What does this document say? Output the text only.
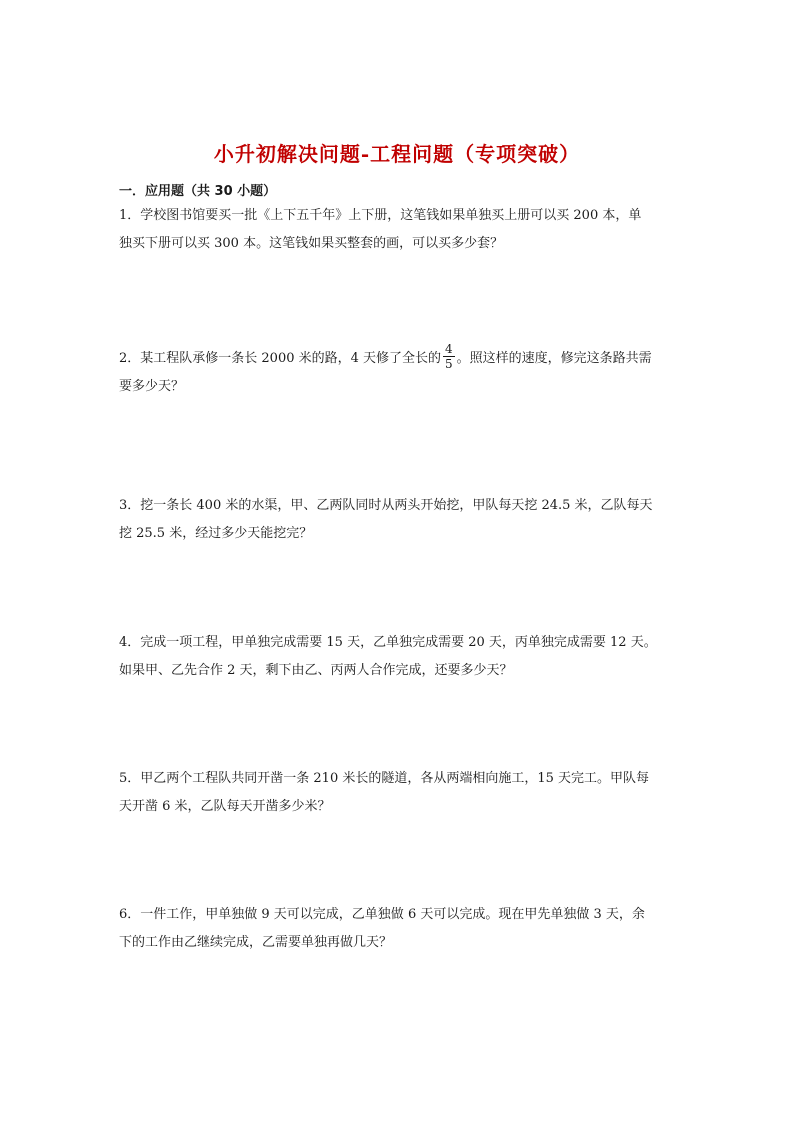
小升初解决问题-工程问题（专项突破）
一．应用题（共 30 小题）
1．学校图书馆要买一批《上下五千年》上下册，这笔钱如果单独买上册可以买 200 本，单
独买下册可以买 300 本。这笔钱如果买整套的画，可以买多少套？
2．某工程队承修一条长 2000 米的路，4 天修了全长的 $\frac{4}{5}$ 。照这样的速度，修完这条路共需
要多少天？
3．挖一条长 400 米的水渠，甲、乙两队同时从两头开始挖，甲队每天挖 24.5 米，乙队每天
挖 25.5 米，经过多少天能挖完？
4．完成一项工程，甲单独完成需要 15 天，乙单独完成需要 20 天，丙单独完成需要 12 天。
如果甲、乙先合作 2 天，剩下由乙、丙两人合作完成，还要多少天？
5．甲乙两个工程队共同开凿一条 210 米长的隧道，各从两端相向施工，15 天完工。甲队每
天开凿 6 米，乙队每天开凿多少米？
6．一件工作，甲单独做 9 天可以完成，乙单独做 6 天可以完成。现在甲先单独做 3 天，余
下的工作由乙继续完成，乙需要单独再做几天？
